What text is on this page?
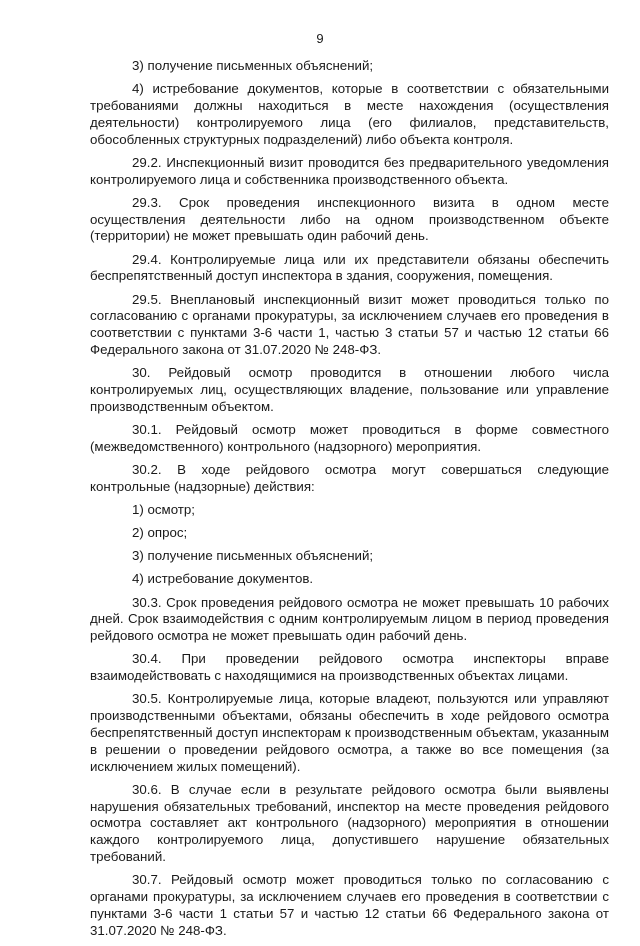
9

3) получение письменных объяснений;

4) истребование документов, которые в соответствии с обязательными требованиями должны находиться в месте нахождения (осуществления деятельности) контролируемого лица (его филиалов, представительств, обособленных структурных подразделений) либо объекта контроля.

29.2. Инспекционный визит проводится без предварительного уведомления контролируемого лица и собственника производственного объекта.

29.3. Срок проведения инспекционного визита в одном месте осуществления деятельности либо на одном производственном объекте (территории) не может превышать один рабочий день.

29.4. Контролируемые лица или их представители обязаны обеспечить беспрепятственный доступ инспектора в здания, сооружения, помещения.

29.5. Внеплановый инспекционный визит может проводиться только по согласованию с органами прокуратуры, за исключением случаев его проведения в соответствии с пунктами 3-6 части 1, частью 3 статьи 57 и частью 12 статьи 66 Федерального закона от 31.07.2020 № 248-ФЗ.

30. Рейдовый осмотр проводится в отношении любого числа контролируемых лиц, осуществляющих владение, пользование или управление производственным объектом.

30.1. Рейдовый осмотр может проводиться в форме совместного (межведомственного) контрольного (надзорного) мероприятия.

30.2. В ходе рейдового осмотра могут совершаться следующие контрольные (надзорные) действия:

1) осмотр;

2) опрос;

3) получение письменных объяснений;

4) истребование документов.

30.3. Срок проведения рейдового осмотра не может превышать 10 рабочих дней. Срок взаимодействия с одним контролируемым лицом в период проведения рейдового осмотра не может превышать один рабочий день.

30.4. При проведении рейдового осмотра инспекторы вправе взаимодействовать с находящимися на производственных объектах лицами.

30.5. Контролируемые лица, которые владеют, пользуются или управляют производственными объектами, обязаны обеспечить в ходе рейдового осмотра беспрепятственный доступ инспекторам к производственным объектам, указанным в решении о проведении рейдового осмотра, а также во все помещения (за исключением жилых помещений).

30.6. В случае если в результате рейдового осмотра были выявлены нарушения обязательных требований, инспектор на месте проведения рейдового осмотра составляет акт контрольного (надзорного) мероприятия в отношении каждого контролируемого лица, допустившего нарушение обязательных требований.

30.7. Рейдовый осмотр может проводиться только по согласованию с органами прокуратуры, за исключением случаев его проведения в соответствии с пунктами 3-6 части 1 статьи 57 и частью 12 статьи 66 Федерального закона от 31.07.2020 № 248-ФЗ.
